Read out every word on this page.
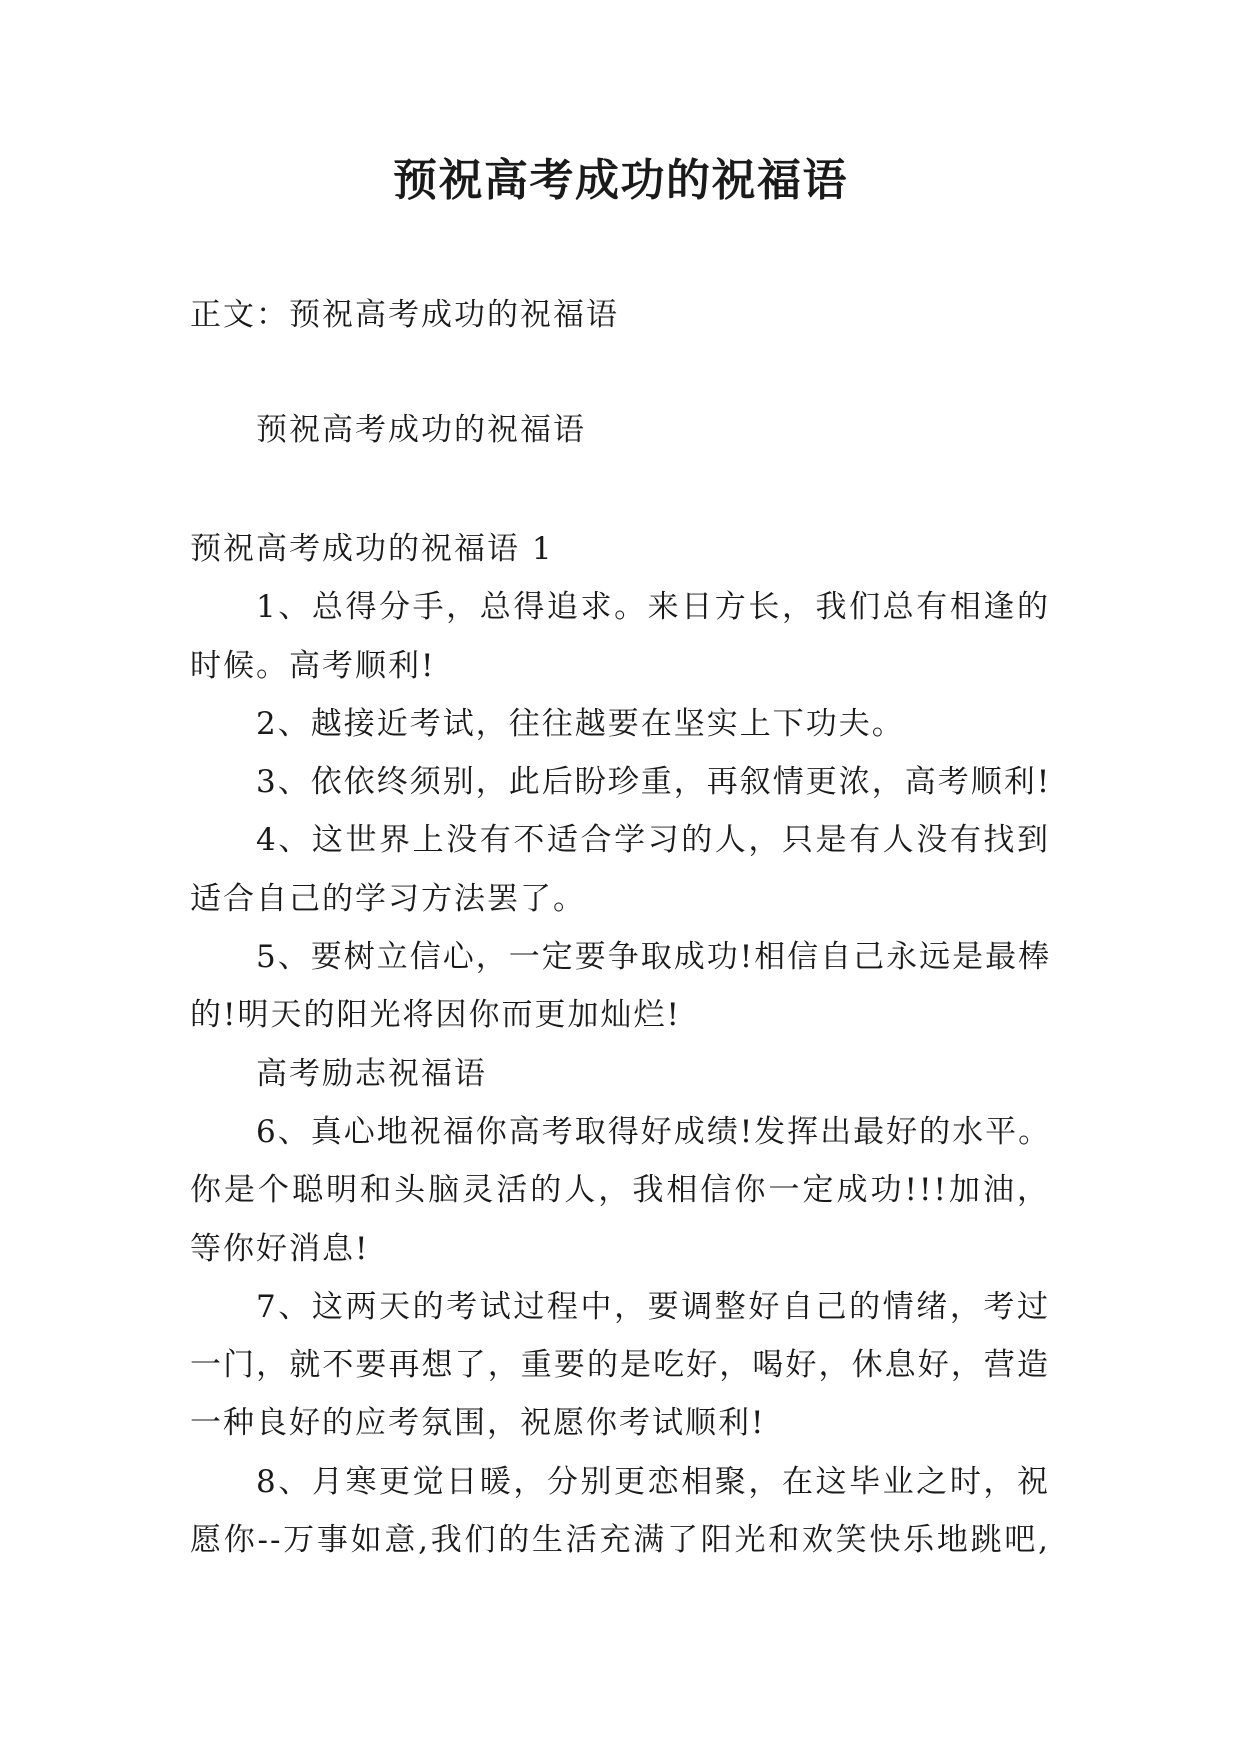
预祝高考成功的祝福语
正文：预祝高考成功的祝福语
预祝高考成功的祝福语
预祝高考成功的祝福语 1
1、总得分手，总得追求。来日方长，我们总有相逢的
时候。高考顺利!
2、越接近考试，往往越要在坚实上下功夫。
3、依依终须别，此后盼珍重，再叙情更浓，高考顺利!
4、这世界上没有不适合学习的人，只是有人没有找到
适合自己的学习方法罢了。
5、要树立信心，一定要争取成功!相信自己永远是最棒
的!明天的阳光将因你而更加灿烂!
高考励志祝福语
6、真心地祝福你高考取得好成绩!发挥出最好的水平。
你是个聪明和头脑灵活的人，我相信你一定成功!!!加油，
等你好消息!
7、这两天的考试过程中，要调整好自己的情绪，考过
一门，就不要再想了，重要的是吃好，喝好，休息好，营造
一种良好的应考氛围，祝愿你考试顺利!
8、月寒更觉日暖，分别更恋相聚，在这毕业之时，祝
愿你--万事如意,我们的生活充满了阳光和欢笑快乐地跳吧,
